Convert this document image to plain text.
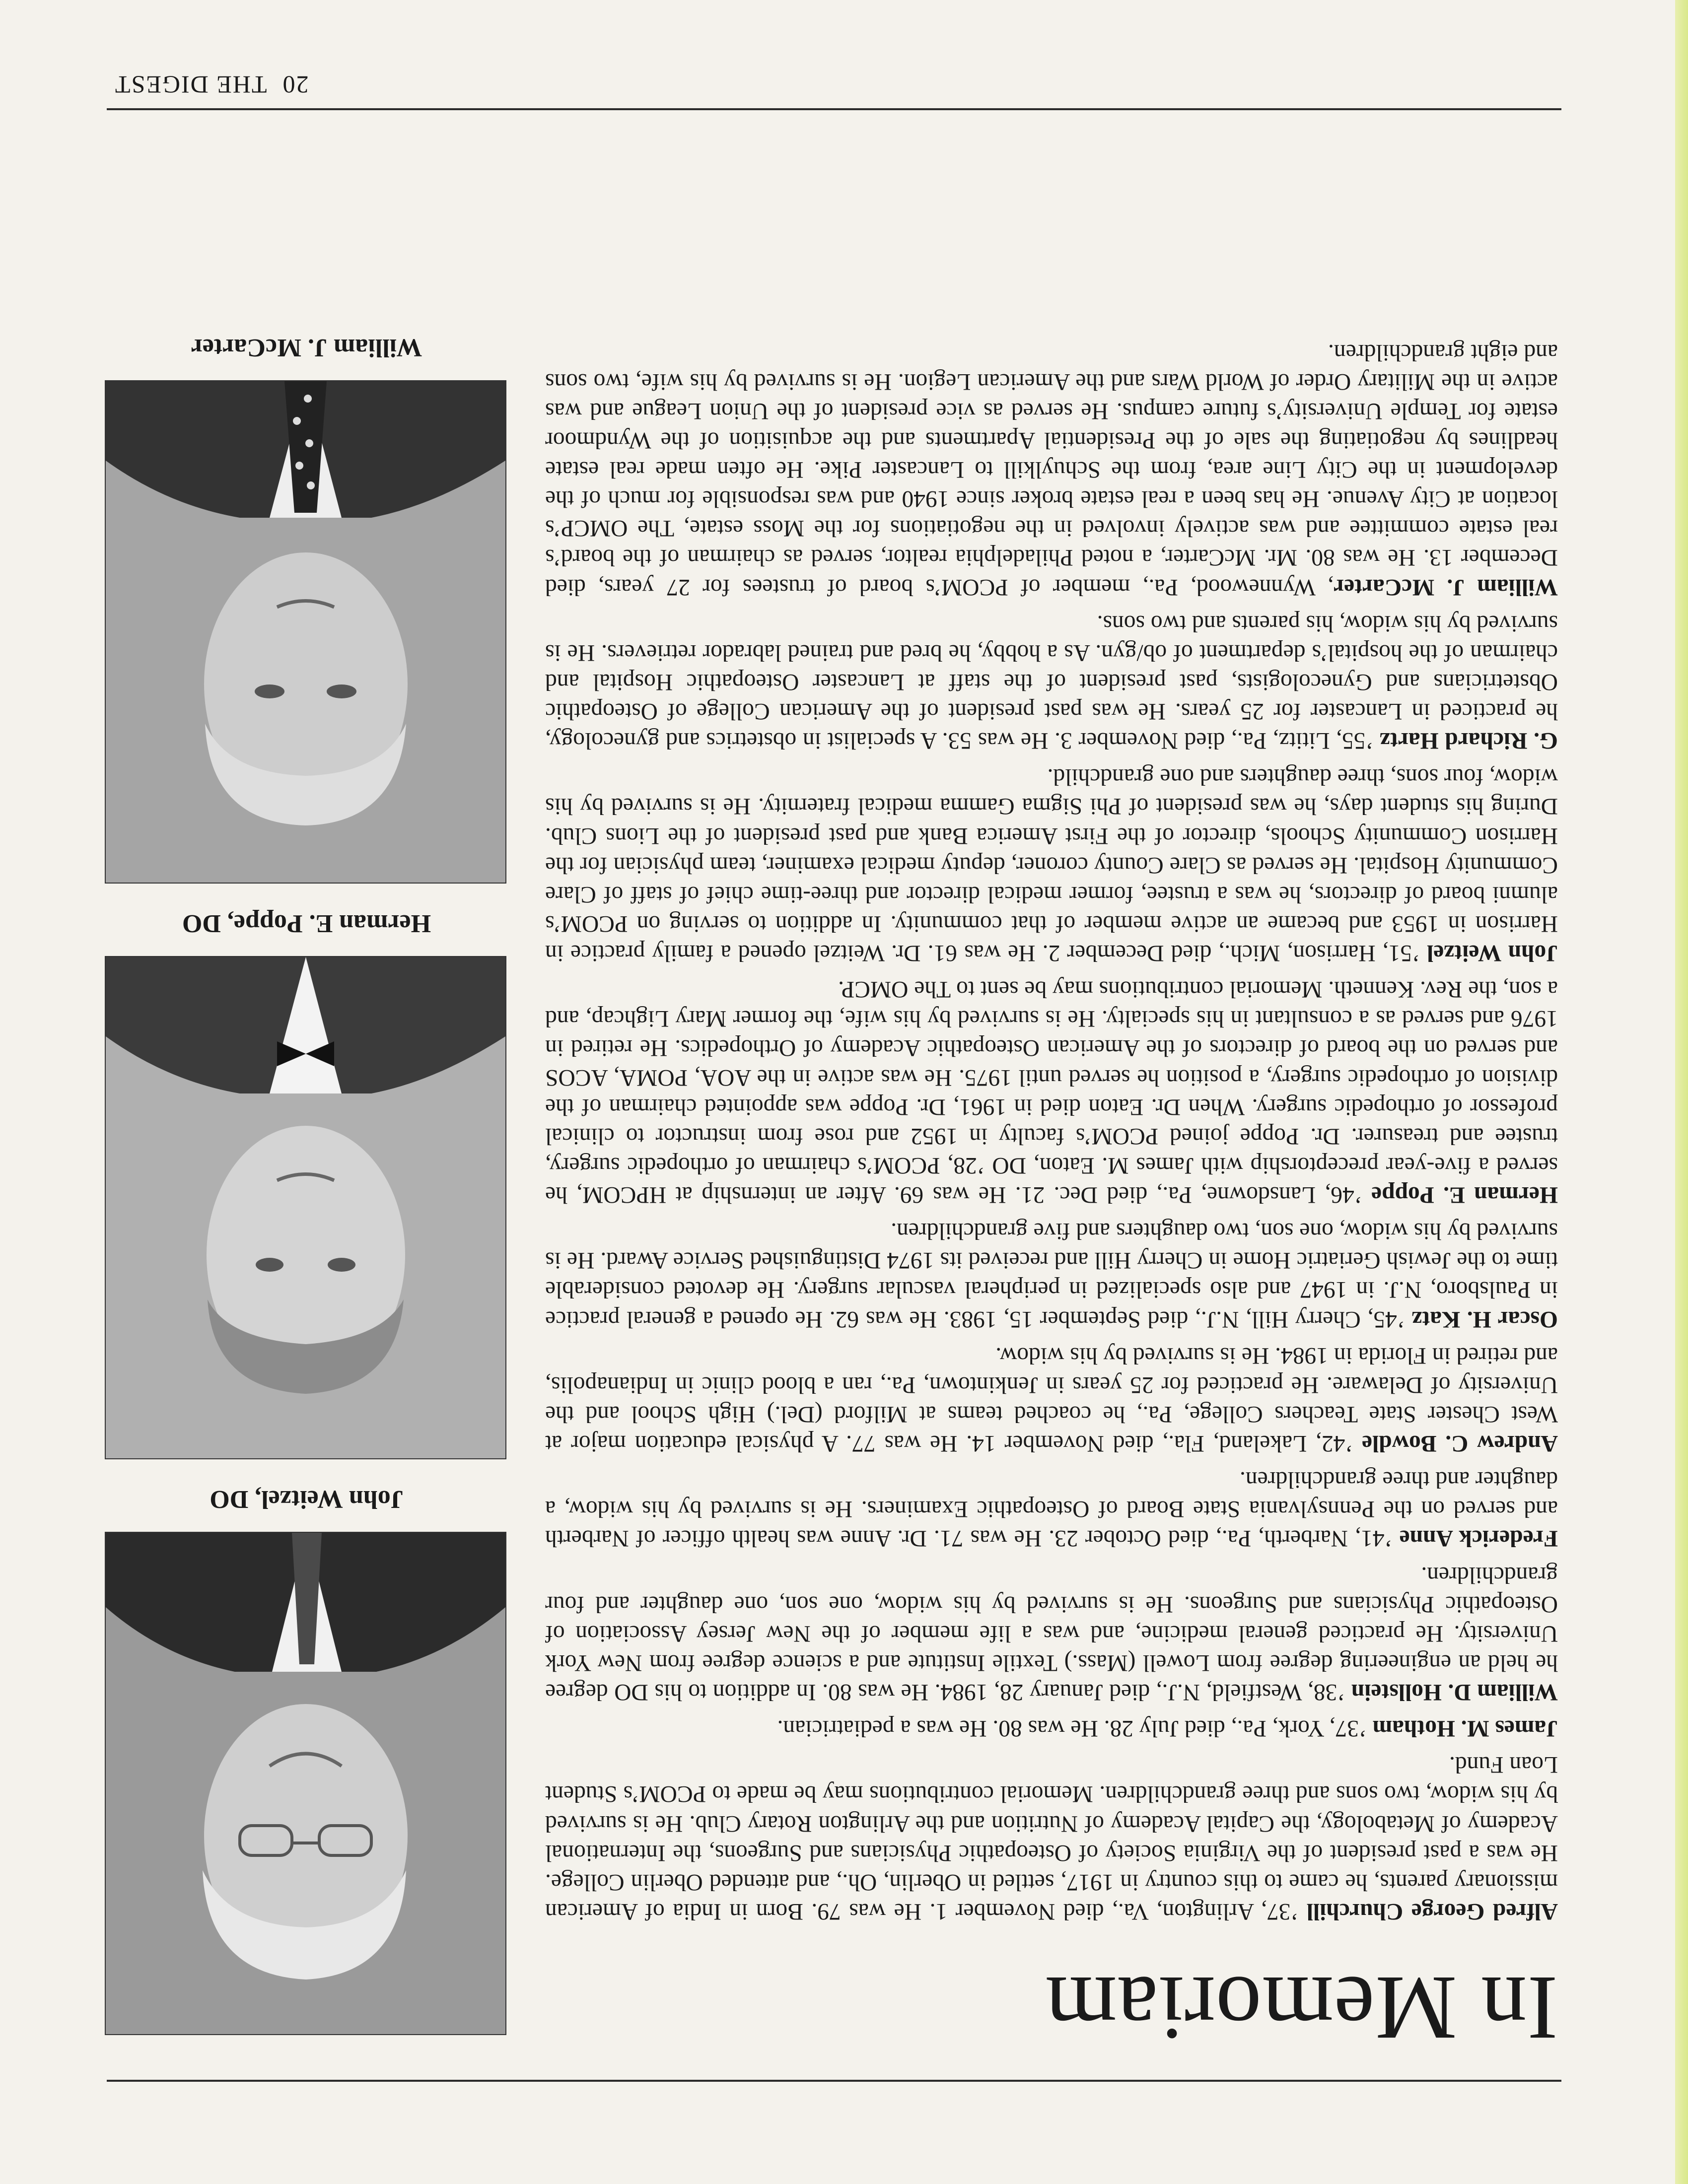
In Memoriam

Alfred George Churchill ’37, Arlington, Va., died November 1. He was 79. Born in India of American missionary parents, he came to this country in 1917, settled in Oberlin, Oh., and attended Oberlin College. He was a past president of the Virginia Society of Osteopathic Physicians and Surgeons, the International Academy of Metabology, the Capital Academy of Nutrition and the Arlington Rotary Club. He is survived by his widow, two sons and three grandchildren. Memorial contributions may be made to PCOM’s Student Loan Fund.

James M. Hotham ’37, York, Pa., died July 28. He was 80. He was a pediatrician.

William D. Hollstein ’38, Westfield, N.J., died January 28, 1984. He was 80. In addition to his DO degree he held an engineering degree from Lowell (Mass.) Textile Institute and a science degree from New York University. He practiced general medicine, and was a life member of the New Jersey Association of Osteopathic Physicians and Surgeons. He is survived by his widow, one son, one daughter and four grandchildren.

Frederick Anne ’41, Narberth, Pa., died October 23. He was 71. Dr. Anne was health officer of Narberth and served on the Pennsylvania State Board of Osteopathic Examiners. He is survived by his widow, a daughter and three grandchildren.

Andrew C. Bowdle ’42, Lakeland, Fla., died November 14. He was 77. A physical education major at West Chester State Teachers College, Pa., he coached teams at Milford (Del.) High School and the University of Delaware. He practiced for 25 years in Jenkintown, Pa., ran a blood clinic in Indianapolis, and retired in Florida in 1984. He is survived by his widow.

Oscar H. Katz ’45, Cherry Hill, N.J., died September 15, 1983. He was 62. He opened a general practice in Paulsboro, N.J. in 1947 and also specialized in peripheral vascular surgery. He devoted considerable time to the Jewish Geriatric Home in Cherry Hill and received its 1974 Distinguished Service Award. He is survived by his widow, one son, two daughters and five grandchildren.

Herman E. Poppe ’46, Lansdowne, Pa., died Dec. 21. He was 69. After an internship at HPCOM, he served a five-year preceptorship with James M. Eaton, DO ’28, PCOM’s chairman of orthopedic surgery, trustee and treasurer. Dr. Poppe joined PCOM’s faculty in 1952 and rose from instructor to clinical professor of orthopedic surgery. When Dr. Eaton died in 1961, Dr. Poppe was appointed chairman of the division of orthopedic surgery, a position he served until 1975. He was active in the AOA, POMA, ACOS and served on the board of directors of the American Osteopathic Academy of Orthopedics. He retired in 1976 and served as a consultant in his specialty. He is survived by his wife, the former Mary Lighcap, and a son, the Rev. Kenneth. Memorial contributions may be sent to The OMCP.

John Weitzel ’51, Harrison, Mich., died December 2. He was 61. Dr. Weitzel opened a family practice in Harrison in 1953 and became an active member of that community. In addition to serving on PCOM’s alumni board of directors, he was a trustee, former medical director and three-time chief of staff of Clare Community Hospital. He served as Clare County coroner, deputy medical examiner, team physician for the Harrison Community Schools, director of the First America Bank and past president of the Lions Club. During his student days, he was president of Phi Sigma Gamma medical fraternity. He is survived by his widow, four sons, three daughters and one grandchild.

G. Richard Hartz ’55, Lititz, Pa., died November 3. He was 53. A specialist in obstetrics and gynecology, he practiced in Lancaster for 25 years. He was past president of the American College of Osteopathic Obstetricians and Gynecologists, past president of the staff at Lancaster Osteopathic Hospital and chairman of the hospital’s department of ob/gyn. As a hobby, he bred and trained labrador retrievers. He is survived by his widow, his parents and two sons.

William J. McCarter, Wynnewood, Pa., member of PCOM’s board of trustees for 27 years, died December 13. He was 80. Mr. McCarter, a noted Philadelphia realtor, served as chairman of the board’s real estate committee and was actively involved in the negotiations for the Moss estate, The OMCP’s location at City Avenue. He has been a real estate broker since 1940 and was responsible for much of the development in the City Line area, from the Schuylkill to Lancaster Pike. He often made real estate headlines by negotiating the sale of the Presidential Apartments and the acquisition of the Wyndmoor estate for Temple University’s future campus. He served as vice president of the Union League and was active in the Military Order of World Wars and the American Legion. He is survived by his wife, two sons and eight grandchildren.

John Weitzel, DO

Herman E. Poppe, DO

William J. McCarter

20THE DIGEST
